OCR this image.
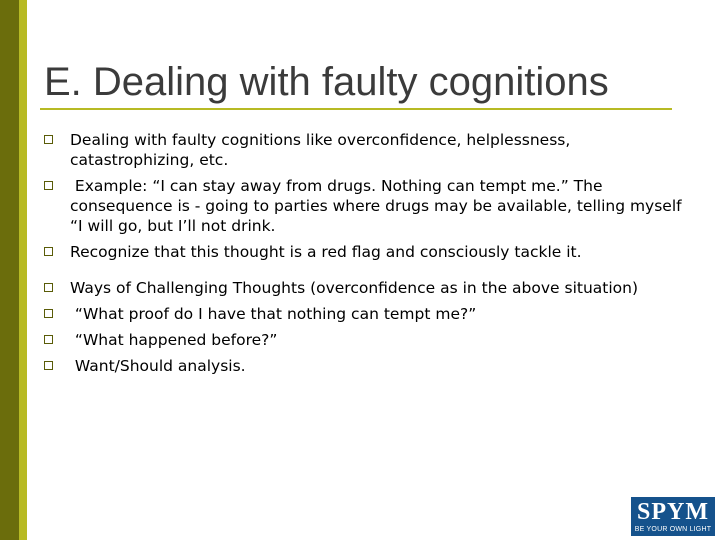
E. Dealing with faulty cognitions
Dealing with faulty cognitions like overconfidence, helplessness, catastrophizing, etc.
Example: “I can stay away from drugs. Nothing can tempt me.” The consequence is - going to parties where drugs may be available, telling myself “I will go, but I’ll not drink.
Recognize that this thought is a red flag and consciously tackle it.
Ways of Challenging Thoughts (overconfidence as in the above situation)
“What proof do I have that nothing can tempt me?”
“What happened before?”
Want/Should analysis.
SPYM
BE YOUR OWN LIGHT
